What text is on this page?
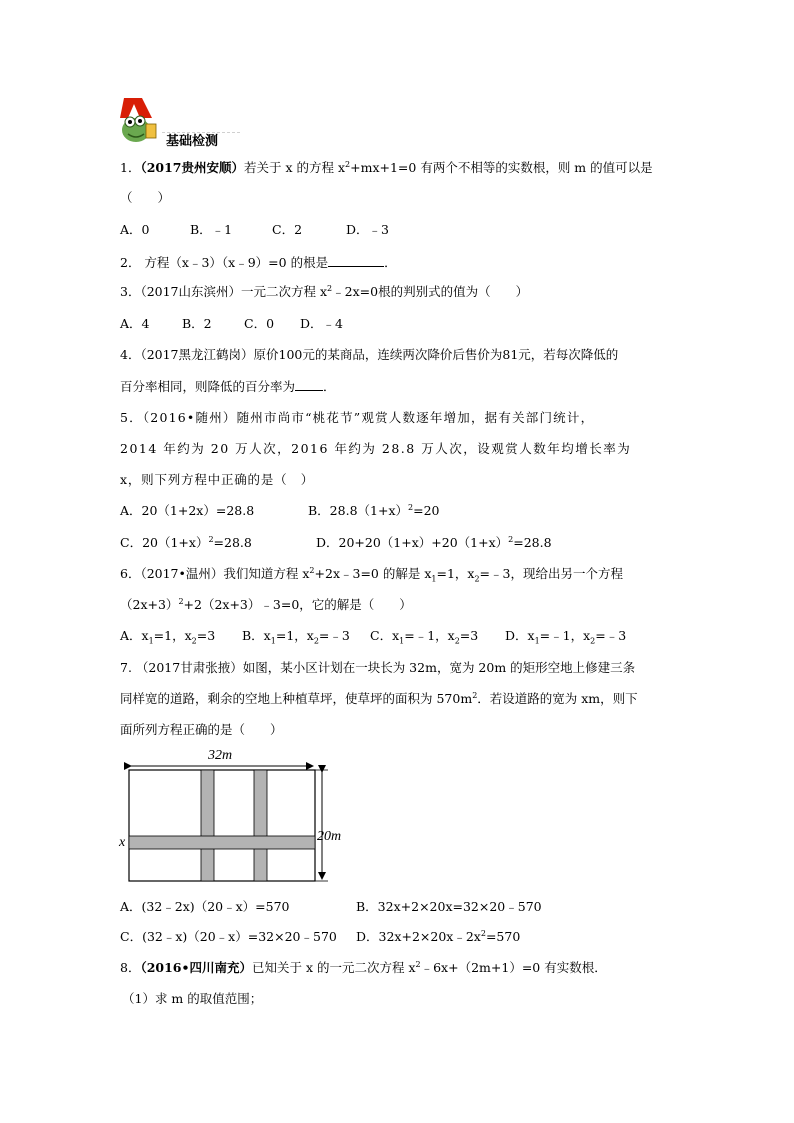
基础检测
1．（2017贵州安顺）若关于 x 的方程 $x^2+mx+1=0$ 有两个不相等的实数根，则 m 的值可以是
（　　）
A．0	B．﹣1	C．2	D．﹣3
2． 方程（x﹣3）（x﹣9）=0 的根是	．
3．（2017山东滨州）一元二次方程 $x^2﹣2x=0$根的判别式的值为（　　）
A．4	B．2	C．0 D．﹣4
4．（2017黑龙江鹤岗）原价100元的某商品，连续两次降价后售价为81元，若每次降低的
百分率相同，则降低的百分率为 ．
5．（2016•随州）随州市尚市“桃花节”观赏人数逐年增加，据有关部门统计，
2014 年约为 20 万人次，2016 年约为 28.8 万人次，设观赏人数年均增长率为
x，则下列方程中正确的是（　）
A．20（1+2x）=28.8	B．$28.8(1+x)^2=20$
C．$20(1+x)^2=28.8$	D．$20+20(1+x)+20(1+x)^2=28.8$
6．（2017•温州）我们知道方程 $x^2+2x﹣3=0$ 的解是 $x_1=1$，$x_2=﹣3$，现给出另一个方程
$(2x+3)^2+2(2x+3)﹣3=0$，它的解是（　　）
A．$x_1=1$，$x_2=3$ B．$x_1=1$，$x_2=﹣3$ C．$x_1=﹣1$，$x_2=3$ D．$x_1=﹣1$，$x_2=﹣3$
7. （2017甘肃张掖）如图，某小区计划在一块长为 32m，宽为 20m 的矩形空地上修建三条
同样宽的道路，剩余的空地上种植草坪，使草坪的面积为 $570m^2$．若设道路的宽为 xm，则下
面所列方程正确的是（　　）
32m
20m
x
A．(32﹣2x)（20﹣x）=570	B．32x+2×20x=32×20﹣570
C．(32﹣x)（20﹣x）=32×20﹣570 D．$32x+2\times 20x﹣2x^2=570$
8．（2016•四川南充）已知关于 x 的一元二次方程 $x^2﹣6x+(2m+1)=0$ 有实数根．
（1）求 m 的取值范围；
